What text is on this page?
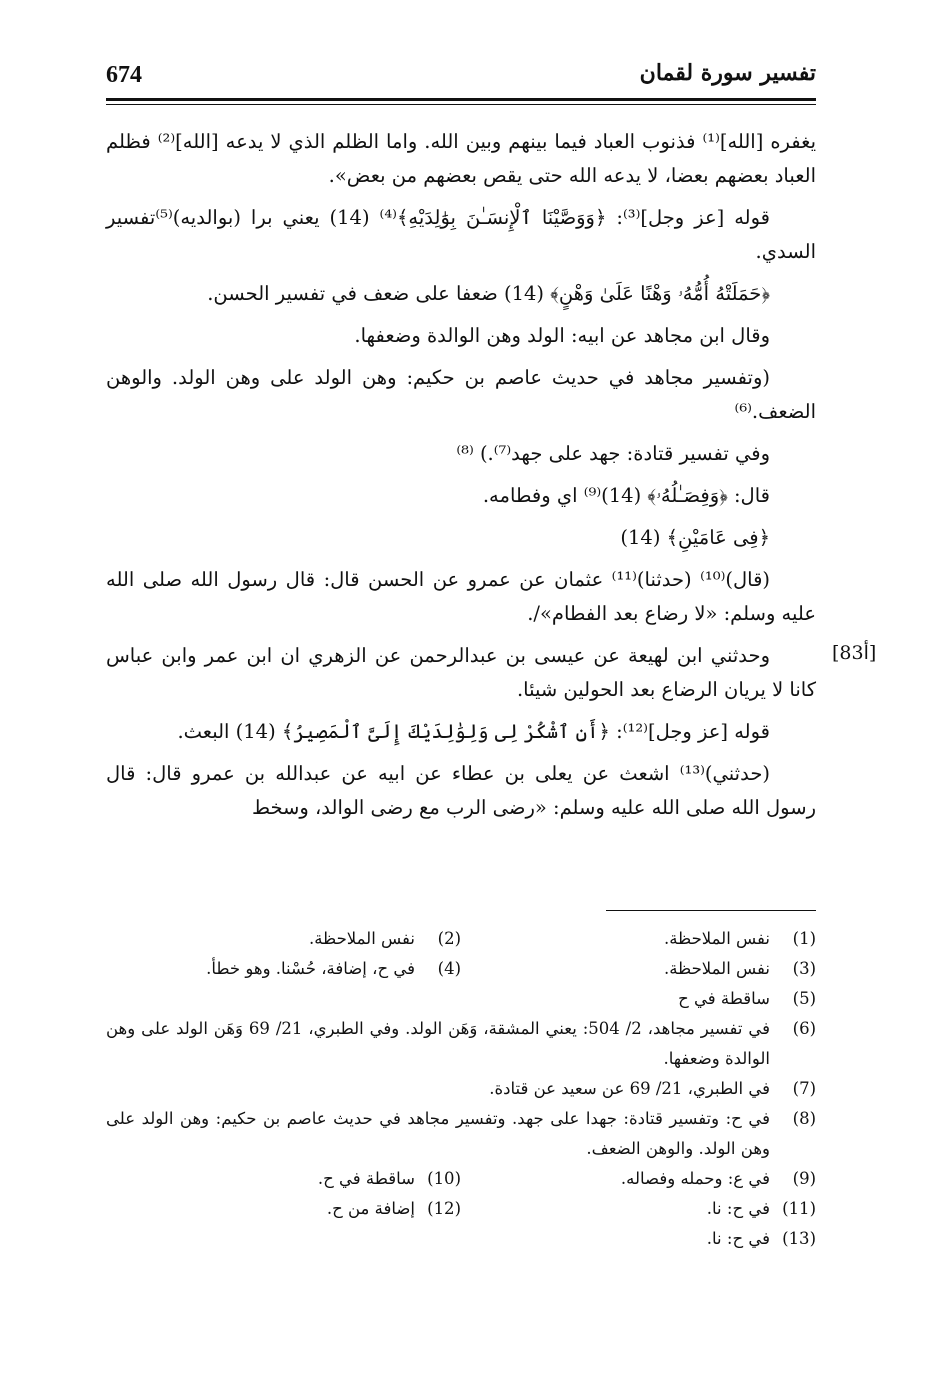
674	تفسير سورة لقمان

يغفره [الله]⁽¹⁾ فذنوب العباد فيما بينهم وبين الله. واما الظلم الذي لا يدعه [الله]⁽²⁾ فظلم العباد بعضهم بعضا، لا يدعه الله حتى يقص بعضهم من بعض».

قوله [عز وجل]⁽³⁾: ﴿وَوَصَّيْنَا ٱلْإِنسَـٰنَ بِوَٰلِدَيْهِ﴾⁽⁴⁾ (14) يعني برا (بوالديه)⁽⁵⁾تفسير السدي.

﴿حَمَلَتْهُ أُمُّهُۥ وَهْنًا عَلَىٰ وَهْنٍ﴾ (14) ضعفا على ضعف في تفسير الحسن.

وقال ابن مجاهد عن ابيه: الولد وهن الوالدة وضعفها.

(وتفسير مجاهد في حديث عاصم بن حكيم: وهن الولد على وهن الولد. والوهن الضعف.⁽⁶⁾

وفي تفسير قتادة: جهد على جهد⁽⁷⁾.) ⁽⁸⁾

قال: ﴿وَفِصَـٰلُهُۥ﴾ (14)⁽⁹⁾ اي وفطامه.

﴿فِى عَامَيْنِ﴾ (14)

(قال)⁽¹⁰⁾ (حدثنا)⁽¹¹⁾ عثمان عن عمرو عن الحسن قال: قال رسول الله صلى الله عليه وسلم: «لا رضاع بعد الفطام»/.

وحدثني ابن لهيعة عن عيسى بن عبدالرحمن عن الزهري ان ابن عمر وابن عباس كانا لا يريان الرضاع بعد الحولين شيئا.

قوله [عز وجل]⁽¹²⁾: ﴿أَنِ ٱشْكُرْ لِى وَلِوَٰلِدَيْكَ إِلَىَّ ٱلْمَصِيرُ﴾ (14) البعث.

(حدثني)⁽¹³⁾ اشعث عن يعلى بن عطاء عن ابيه عن عبدالله بن عمرو قال: قال رسول الله صلى الله عليه وسلم: «رضى الرب مع رضى الوالد، وسخط

[83أ]
(1)
نفس الملاحظة.
(2)
نفس الملاحظة.
(3)
نفس الملاحظة.
(4)
في ح، إضافة، حُسْنا. وهو خطأ.
(5)
ساقطة في ح
(6)
في تفسير مجاهد، 2/ 504: يعني المشقة، وَهَن الولد. وفي الطبري، 21/ 69 وَهَن الولد على وهن الوالدة وضعفها.
(7)
في الطبري، 21/ 69 عن سعيد عن قتادة.
(8)
في ح: وتفسير قتادة: جهدا على جهد. وتفسير مجاهد في حديث عاصم بن حكيم: وهن الولد على وهن الولد. والوهن الضعف.
(9)
في ع: وحمله وفصاله.
(10)
ساقطة في ح.
(11)
في ح: نا.
(12)
إضافة من ح.
(13)
في ح: نا.
